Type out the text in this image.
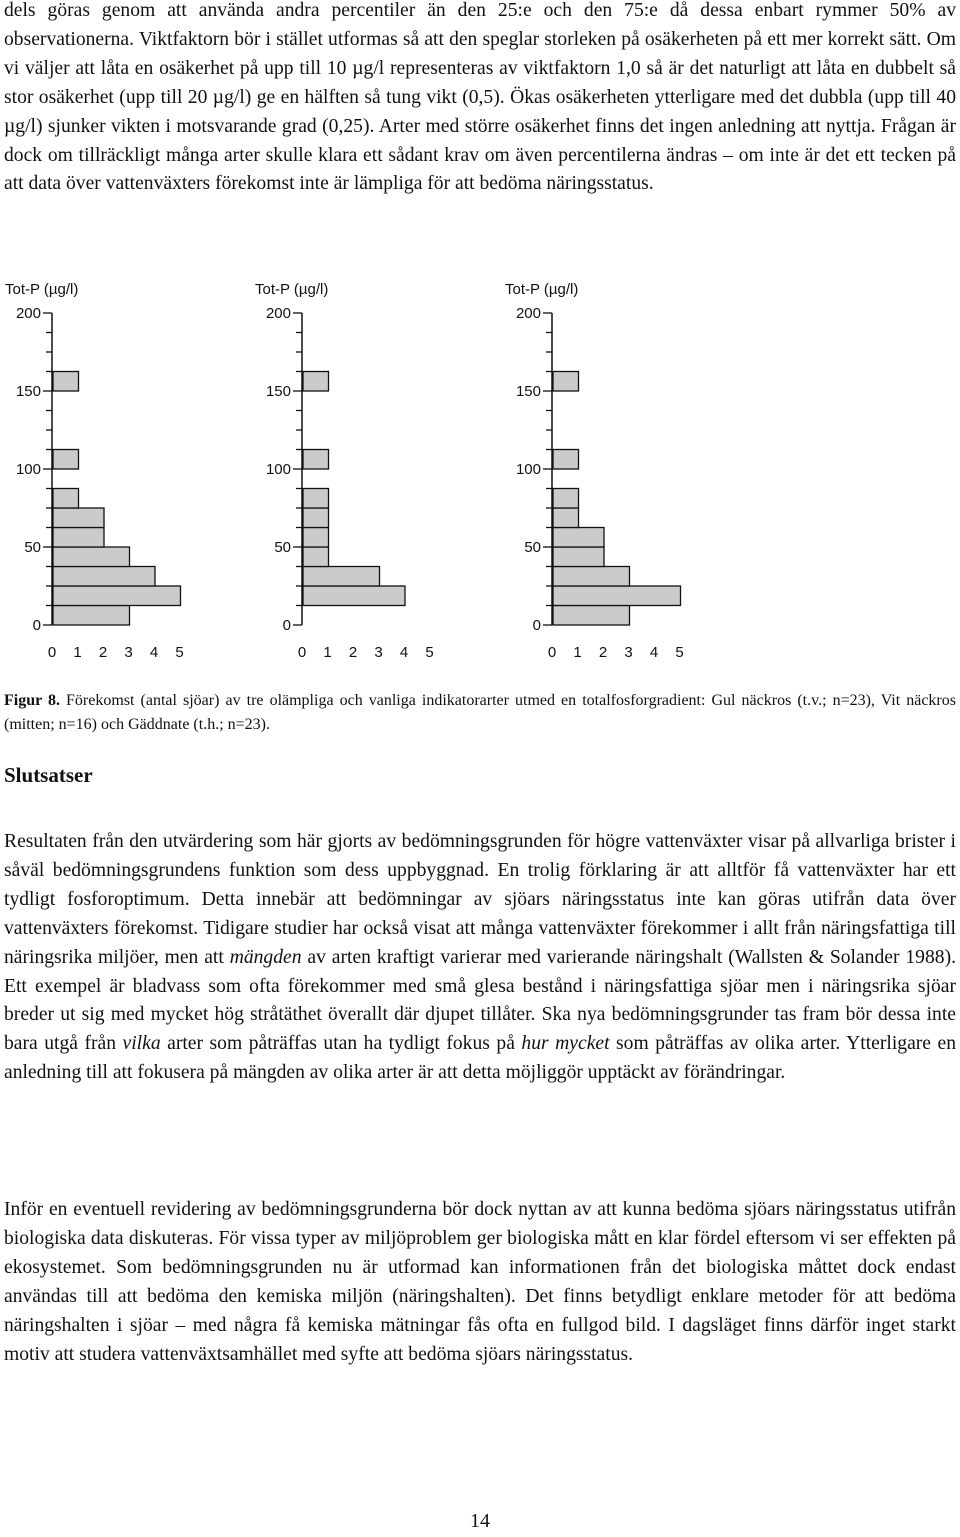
dels göras genom att använda andra percentiler än den 25:e och den 75:e då dessa enbart rymmer 50% av observationerna. Viktfaktorn bör i stället utformas så att den speglar storleken på osäkerheten på ett mer korrekt sätt. Om vi väljer att låta en osäkerhet på upp till 10 µg/l representeras av viktfaktorn 1,0 så är det naturligt att låta en dubbelt så stor osäkerhet (upp till 20 µg/l) ge en hälften så tung vikt (0,5). Ökas osäkerheten ytterligare med det dubbla (upp till 40 µg/l) sjunker vikten i motsvarande grad (0,25). Arter med större osäkerhet finns det ingen anledning att nyttja. Frågan är dock om tillräckligt många arter skulle klara ett sådant krav om även percentilerna ändras – om inte är det ett tecken på att data över vattenväxters förekomst inte är lämpliga för att bedöma näringsstatus.

Tot-P (µg/l)
0
50
100
150
200
0 1 2 3 4 5
Tot-P (µg/l)
0
50
100
150
200
0 1 2 3 4 5
Tot-P (µg/l)
0
50
100
150
200
0 1 2 3 4 5

Figur 8. Förekomst (antal sjöar) av tre olämpliga och vanliga indikatorarter utmed en totalfosforgradient: Gul näckros (t.v.; n=23), Vit näckros (mitten; n=16) och Gäddnate (t.h.; n=23).

Slutsatser

Resultaten från den utvärdering som här gjorts av bedömningsgrunden för högre vattenväxter visar på allvarliga brister i såväl bedömningsgrundens funktion som dess uppbyggnad. En trolig förklaring är att alltför få vattenväxter har ett tydligt fosforoptimum. Detta innebär att bedömningar av sjöars näringsstatus inte kan göras utifrån data över vattenväxters förekomst. Tidigare studier har också visat att många vattenväxter förekommer i allt från näringsfattiga till näringsrika miljöer, men att mängden av arten kraftigt varierar med varierande näringshalt (Wallsten & Solander 1988). Ett exempel är bladvass som ofta förekommer med små glesa bestånd i näringsfattiga sjöar men i näringsrika sjöar breder ut sig med mycket hög stråtäthet överallt där djupet tillåter. Ska nya bedömningsgrunder tas fram bör dessa inte bara utgå från vilka arter som påträffas utan ha tydligt fokus på hur mycket som påträffas av olika arter. Ytterligare en anledning till att fokusera på mängden av olika arter är att detta möjliggör upptäckt av förändringar.

Inför en eventuell revidering av bedömningsgrunderna bör dock nyttan av att kunna bedöma sjöars näringsstatus utifrån biologiska data diskuteras. För vissa typer av miljöproblem ger biologiska mått en klar fördel eftersom vi ser effekten på ekosystemet. Som bedömningsgrunden nu är utformad kan informationen från det biologiska måttet dock endast användas till att bedöma den kemiska miljön (näringshalten). Det finns betydligt enklare metoder för att bedöma näringshalten i sjöar – med några få kemiska mätningar fås ofta en fullgod bild. I dagsläget finns därför inget starkt motiv att studera vattenväxtsamhället med syfte att bedöma sjöars näringsstatus.

14
